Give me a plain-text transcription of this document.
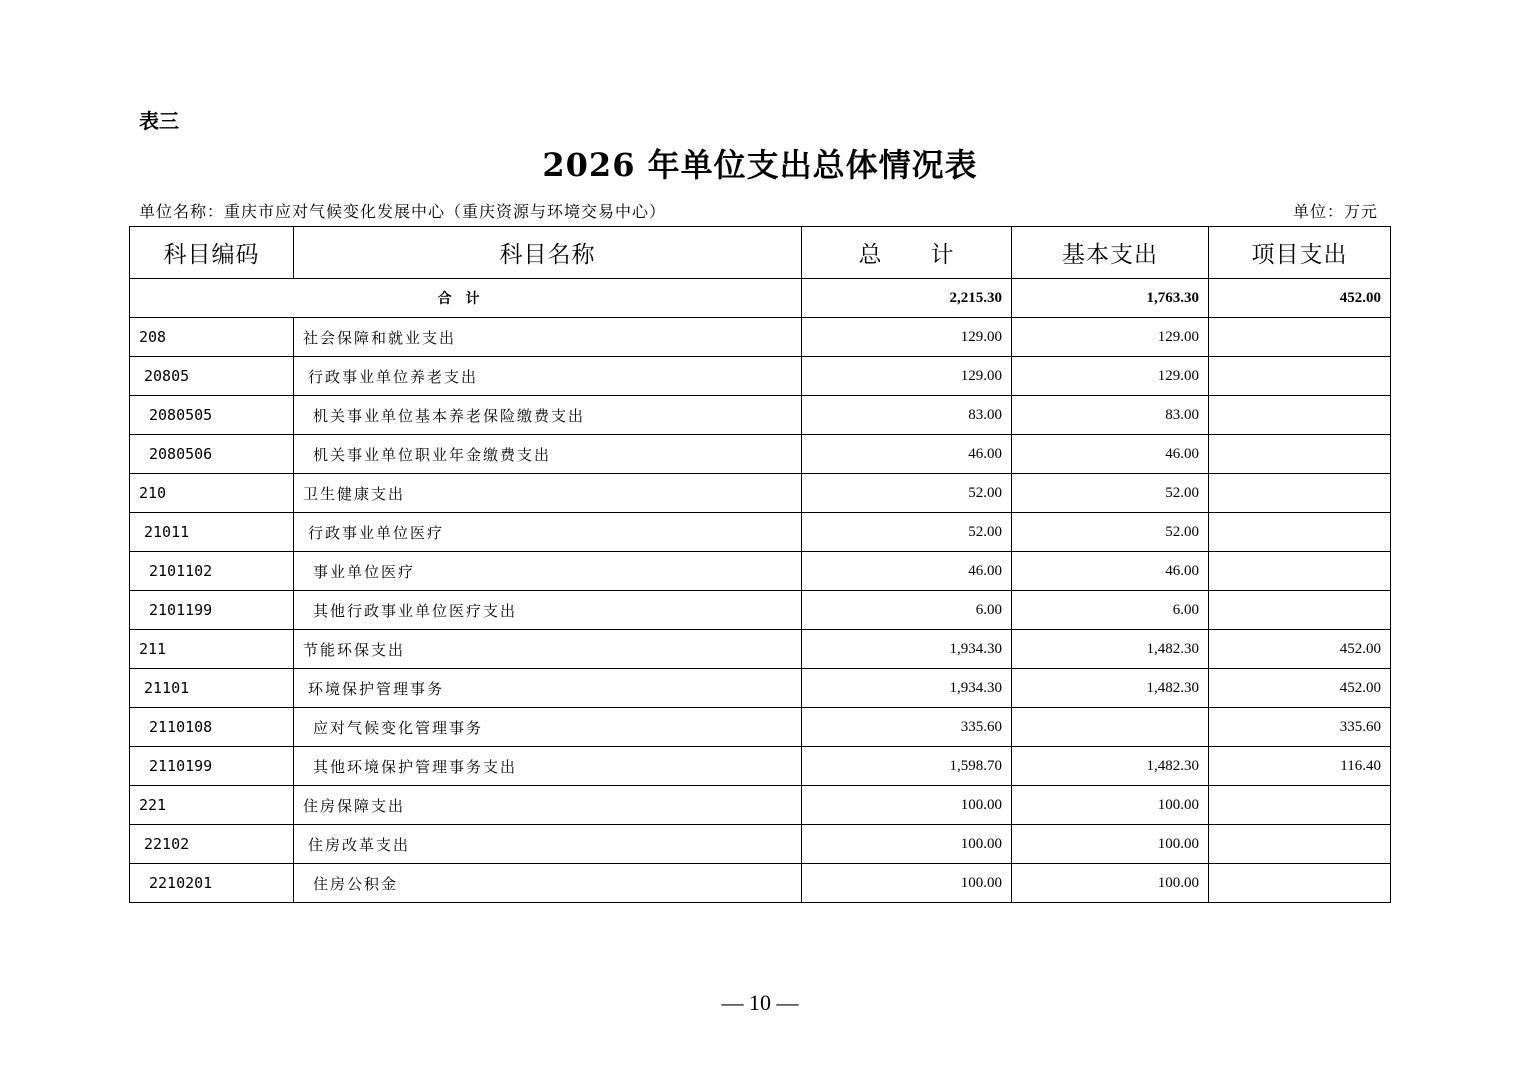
表三
2026 年单位支出总体情况表
单位名称：重庆市应对气候变化发展中心（重庆资源与环境交易中心）	单位：万元
科目编码	科目名称	总　　计	基本支出	项目支出
合计		2,215.30	1,763.30	452.00
208	社会保障和就业支出	129.00	129.00	
20805	行政事业单位养老支出	129.00	129.00	
2080505	机关事业单位基本养老保险缴费支出	83.00	83.00	
2080506	机关事业单位职业年金缴费支出	46.00	46.00	
210	卫生健康支出	52.00	52.00	
21011	行政事业单位医疗	52.00	52.00	
2101102	事业单位医疗	46.00	46.00	
2101199	其他行政事业单位医疗支出	6.00	6.00	
211	节能环保支出	1,934.30	1,482.30	452.00
21101	环境保护管理事务	1,934.30	1,482.30	452.00
2110108	应对气候变化管理事务	335.60		335.60
2110199	其他环境保护管理事务支出	1,598.70	1,482.30	116.40
221	住房保障支出	100.00	100.00	
22102	住房改革支出	100.00	100.00	
2210201	住房公积金	100.00	100.00	
— 10 —
